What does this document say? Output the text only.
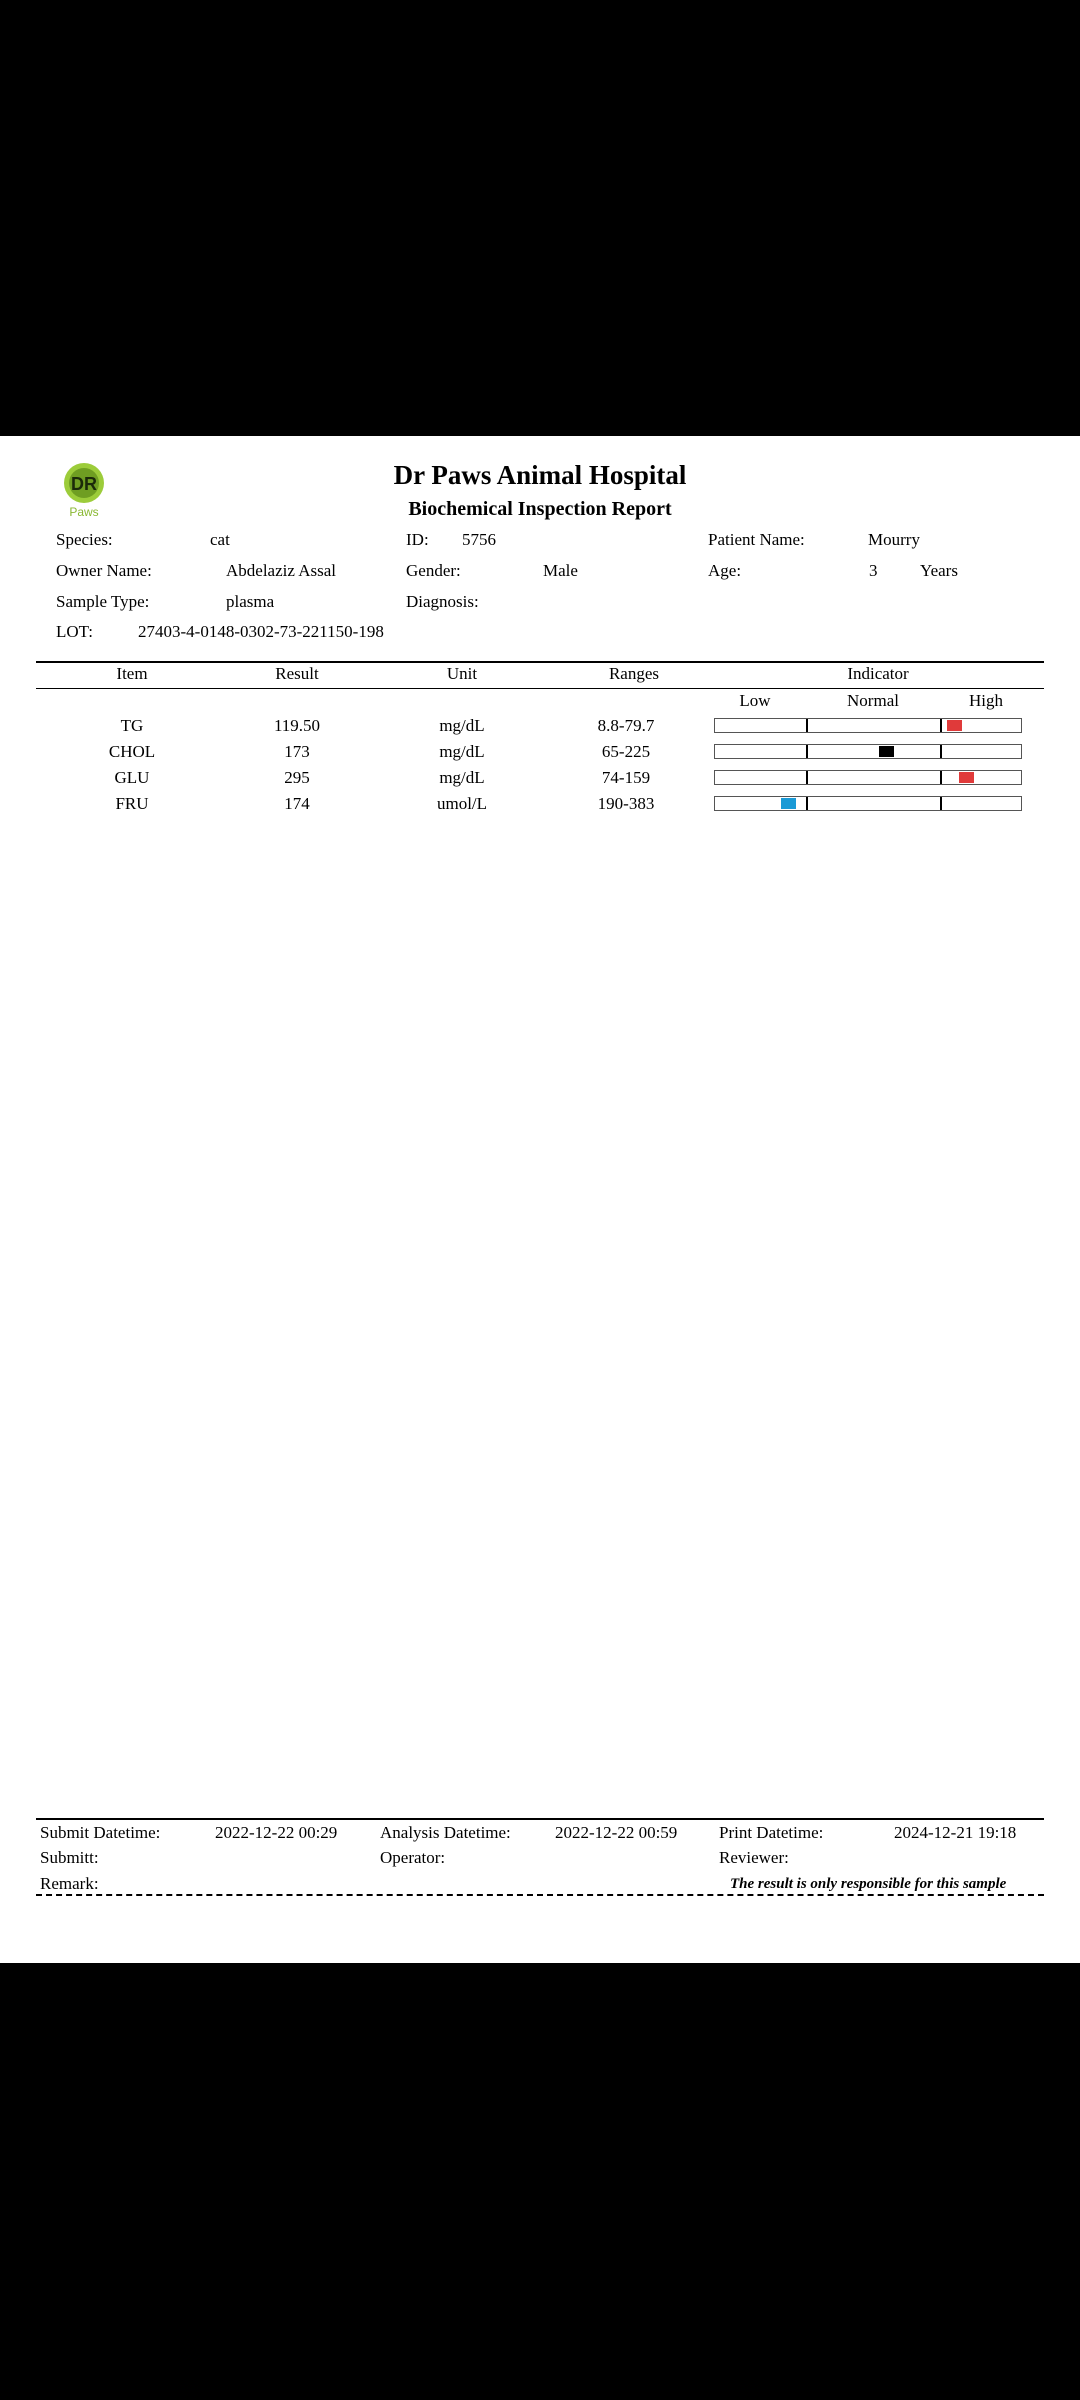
DR
Paws
Dr Paws Animal Hospital
Biochemical Inspection Report
Species:	cat	ID: 5756	Patient Name:	Mourry
Owner Name:	Abdelaziz Assal	Gender:	Male	Age:	3	Years
Sample Type:	plasma	Diagnosis:
LOT:	27403-4-0148-0302-73-221150-198
Item	Result	Unit	Ranges	Indicator
Low	Normal	High
TG	119.50	mg/dL	8.8-79.7
CHOL	173	mg/dL	65-225
GLU	295	mg/dL	74-159
FRU	174	umol/L	190-383
Submit Datetime:	2022-12-22 00:29	Analysis Datetime:	2022-12-22 00:59 Print Datetime:	2024-12-21 19:18
Submitt:	Operator:	Reviewer:
Remark:	The result is only responsible for this sample
